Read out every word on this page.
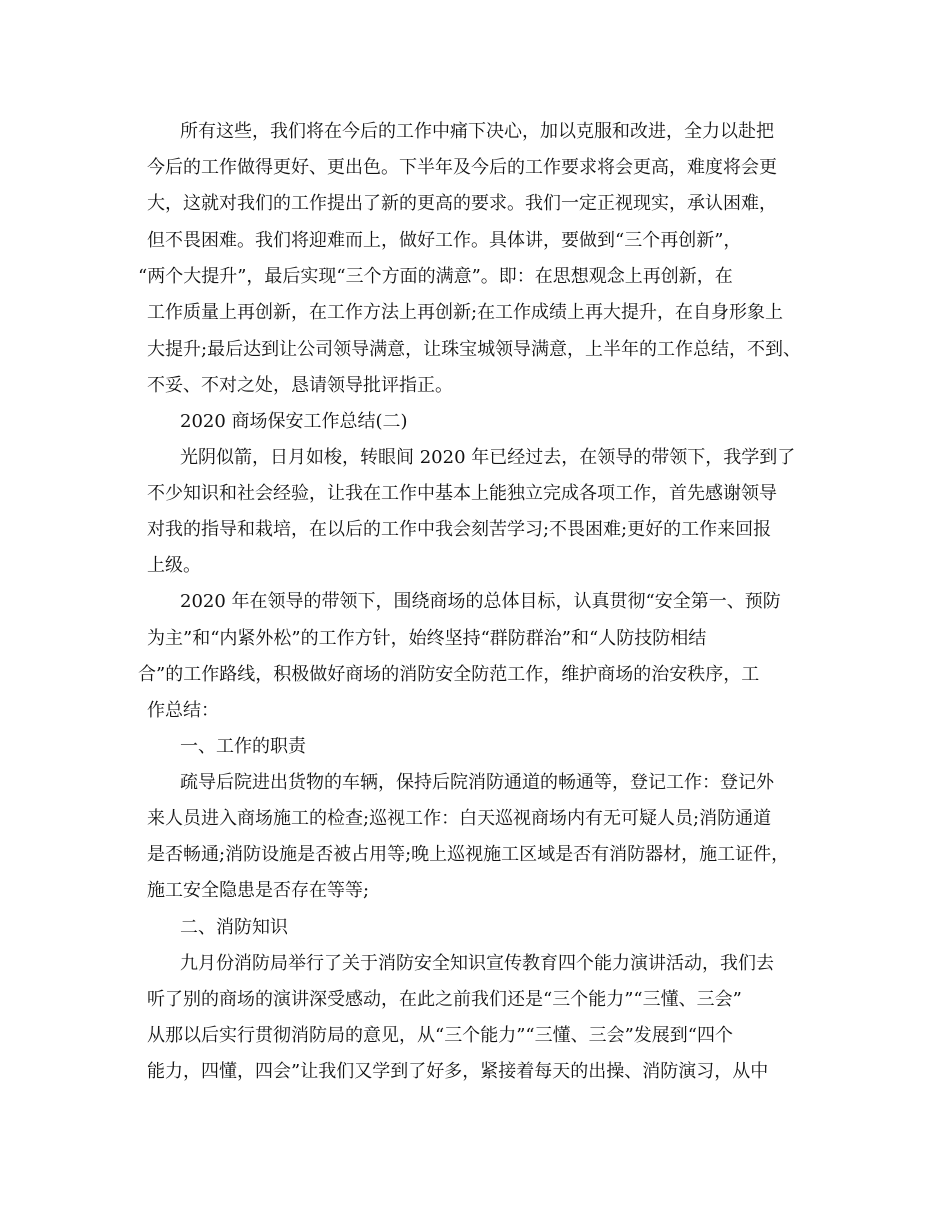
所有这些，我们将在今后的工作中痛下决心，加以克服和改进，全力以赴把
今后的工作做得更好、更出色。下半年及今后的工作要求将会更高，难度将会更
大，这就对我们的工作提出了新的更高的要求。我们一定正视现实，承认困难，
但不畏困难。我们将迎难而上，做好工作。具体讲，要做到“三个再创新”，
“两个大提升”，最后实现“三个方面的满意”。即：在思想观念上再创新，在
工作质量上再创新，在工作方法上再创新;在工作成绩上再大提升，在自身形象上
大提升;最后达到让公司领导满意，让珠宝城领导满意，上半年的工作总结，不到、
不妥、不对之处，恳请领导批评指正。
2020 商场保安工作总结(二)
光阴似箭，日月如梭，转眼间 2020 年已经过去，在领导的带领下，我学到了
不少知识和社会经验，让我在工作中基本上能独立完成各项工作，首先感谢领导
对我的指导和栽培，在以后的工作中我会刻苦学习;不畏困难;更好的工作来回报
上级。
2020 年在领导的带领下，围绕商场的总体目标，认真贯彻“安全第一、预防
为主”和“内紧外松”的工作方针，始终坚持“群防群治”和“人防技防相结
合”的工作路线，积极做好商场的消防安全防范工作，维护商场的治安秩序，工
作总结：
一、工作的职责
疏导后院进出货物的车辆，保持后院消防通道的畅通等，登记工作：登记外
来人员进入商场施工的检查;巡视工作：白天巡视商场内有无可疑人员;消防通道
是否畅通;消防设施是否被占用等;晚上巡视施工区域是否有消防器材，施工证件，
施工安全隐患是否存在等等;
二、消防知识
九月份消防局举行了关于消防安全知识宣传教育四个能力演讲活动，我们去
听了别的商场的演讲深受感动，在此之前我们还是“三个能力”“三懂、三会”
从那以后实行贯彻消防局的意见，从“三个能力”“三懂、三会”发展到“四个
能力，四懂，四会”让我们又学到了好多，紧接着每天的出操、消防演习，从中
